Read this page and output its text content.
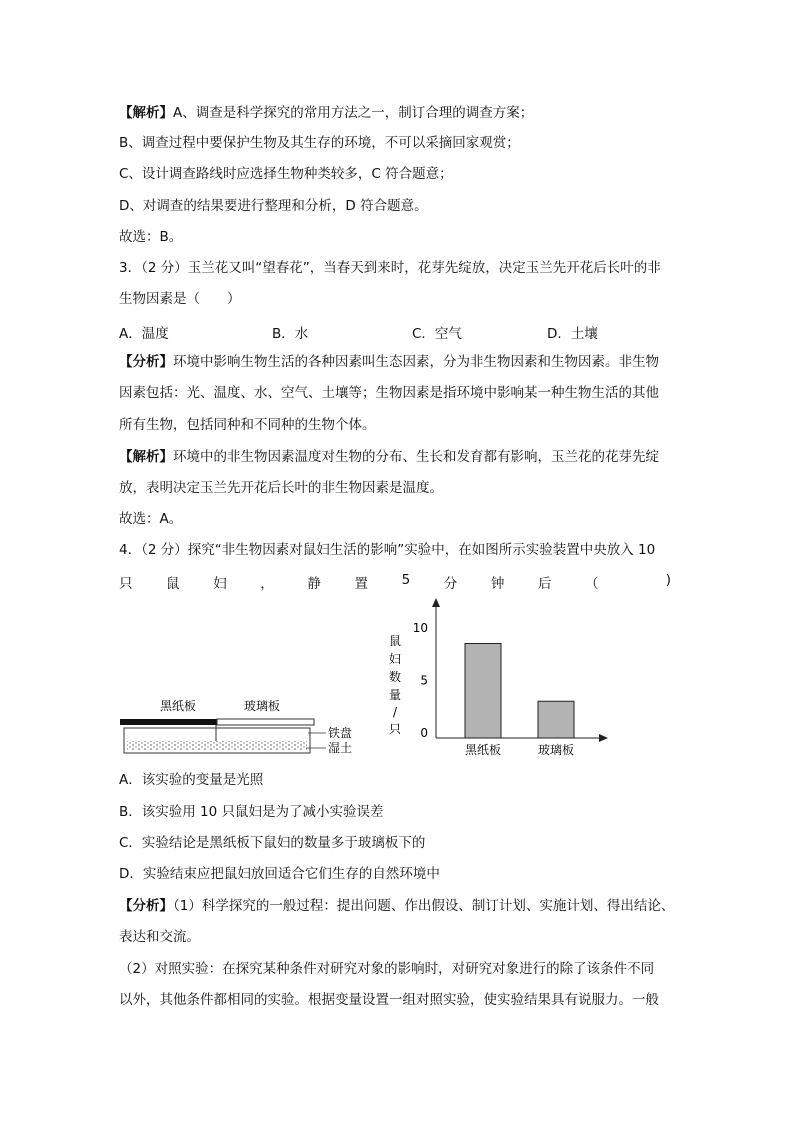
【解析】A、调查是科学探究的常用方法之一，制订合理的调查方案；
B、调查过程中要保护生物及其生存的环境，不可以采摘回家观赏；
C、设计调查路线时应选择生物种类较多，C 符合题意；
D、对调查的结果要进行整理和分析，D 符合题意。
故选：B。
3．（2 分）玉兰花又叫“望春花”，当春天到来时，花芽先绽放，决定玉兰先开花后长叶的非
生物因素是（　　）
A．温度	B．水	C．空气	D．土壤
【分析】环境中影响生物生活的各种因素叫生态因素，分为非生物因素和生物因素。非生物
因素包括：光、温度、水、空气、土壤等；生物因素是指环境中影响某一种生物生活的其他
所有生物，包括同种和不同种的生物个体。
【解析】环境中的非生物因素温度对生物的分布、生长和发育都有影响，玉兰花的花芽先绽
放，表明决定玉兰先开花后长叶的非生物因素是温度。
故选：A。
4．（2 分）探究“非生物因素对鼠妇生活的影响”实验中，在如图所示实验装置中央放入 10
只 鼠 妇 ， 静 置 5 分 钟 后 （	)
黑纸板	玻璃板
铁盘
湿土
鼠
妇
数
量
/
只
10
5
0
黑纸板	玻璃板
A．该实验的变量是光照
B．该实验用 10 只鼠妇是为了减小实验误差
C．实验结论是黑纸板下鼠妇的数量多于玻璃板下的
D．实验结束应把鼠妇放回适合它们生存的自然环境中
【分析】（1）科学探究的一般过程：提出问题、作出假设、制订计划、实施计划、得出结论、
表达和交流。
（2）对照实验：在探究某种条件对研究对象的影响时，对研究对象进行的除了该条件不同
以外，其他条件都相同的实验。根据变量设置一组对照实验，使实验结果具有说服力。一般
